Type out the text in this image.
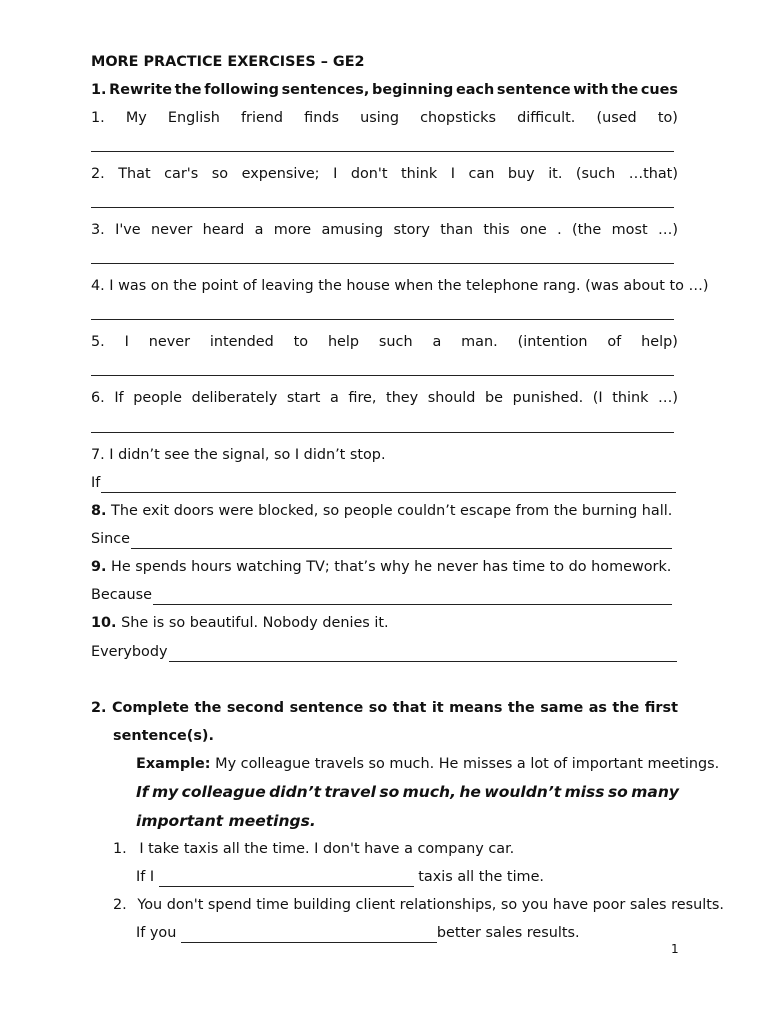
MORE PRACTICE EXERCISES – GE2
1. Rewrite the following sentences, beginning each sentence with the cues
1. My English friend finds using chopsticks difficult. (used to)
2. That car's so expensive; I don't think I can buy it. (such …that)
3. I've never heard a more amusing story than this one . (the most …)
4. I was on the point of leaving the house when the telephone rang. (was about to …)
5. I never intended to help such a man. (intention of help)
6. If people deliberately start a fire, they should be punished. (I think …)
7. I didn’t see the signal, so I didn’t stop.
If
8. The exit doors were blocked, so people couldn’t escape from the burning hall.
Since
9. He spends hours watching TV; that’s why he never has time to do homework.
Because
10. She is so beautiful. Nobody denies it.
Everybody
2. Complete the second sentence so that it means the same as the first
sentence(s).
Example: My colleague travels so much. He misses a lot of important meetings.
If my colleague didn’t travel so much, he wouldn’t miss so many
important meetings.
1. I take taxis all the time. I don't have a company car.
If I	taxis all the time.
2. You don't spend time building client relationships, so you have poor sales results.
If you	better sales results.
1
